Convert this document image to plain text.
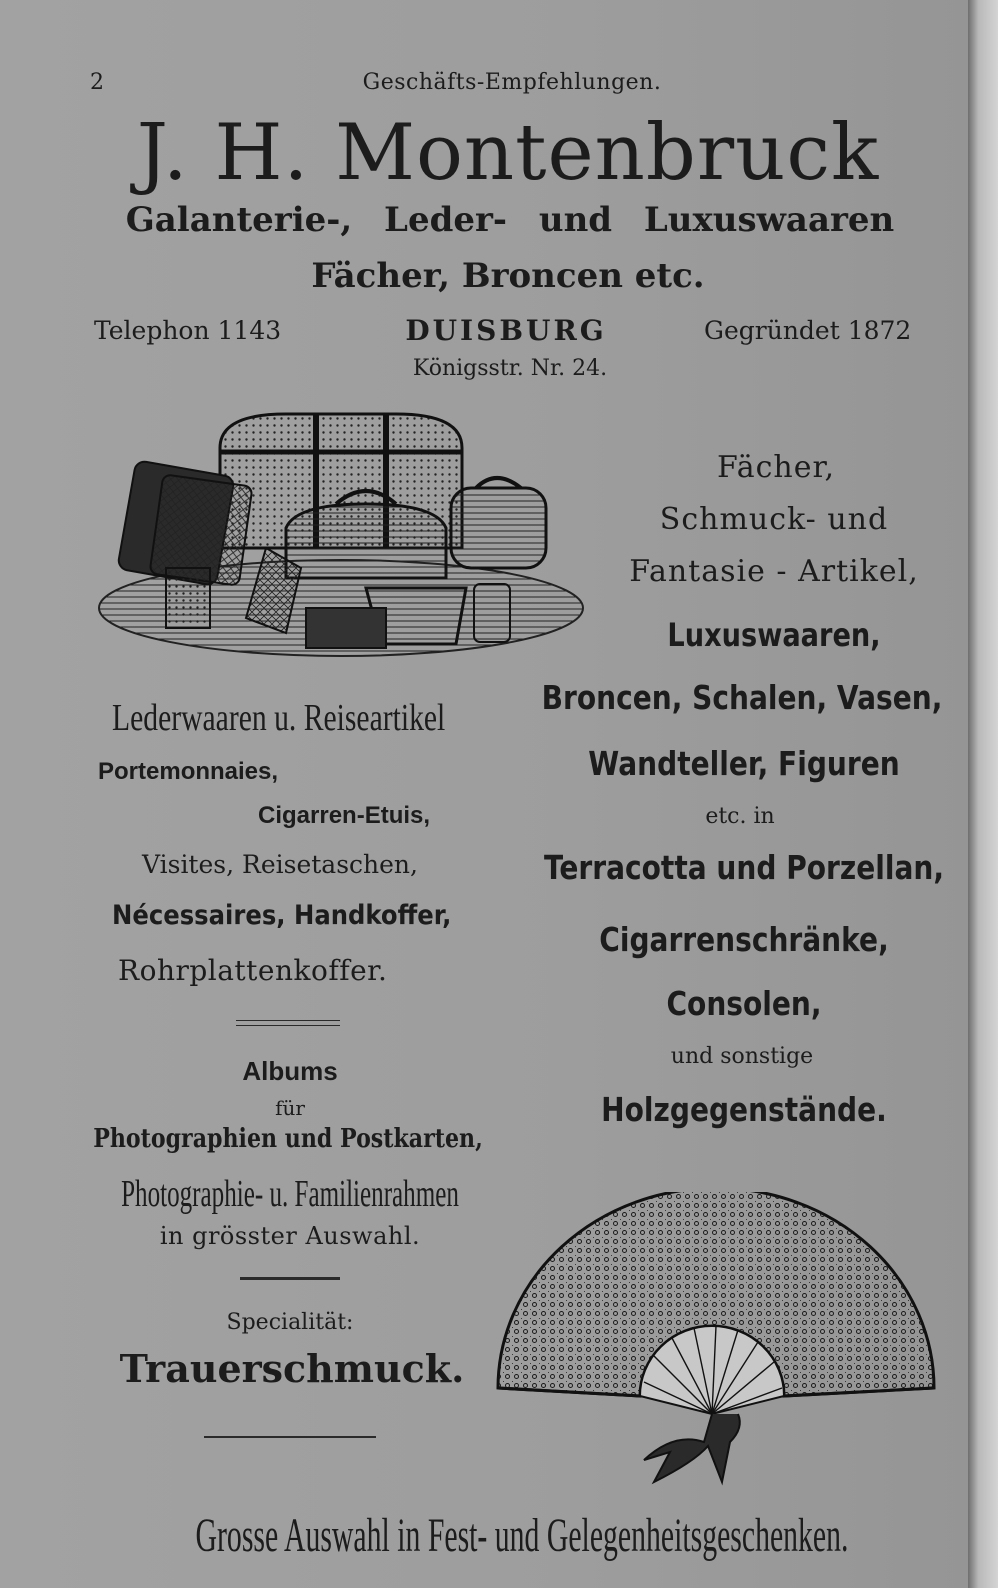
2	Geschäfts-Empfehlungen.
J. H. Montenbruck
Galanterie-, Leder- und Luxuswaaren
Fächer, Broncen etc.
Telephon 1143	DUISBURG	Gegründet 1872
Königsstr. Nr. 24.
Lederwaaren u. Reiseartikel
Portemonnaies,
Cigarren-Etuis,
Visites, Reisetaschen,
Nécessaires, Handkoffer,
Rohrplattenkoffer.
Albums
für
Photographien und Postkarten,
Photographie- u. Familienrahmen
in grösster Auswahl.
Specialität:
Trauerschmuck.
Fächer,
Schmuck- und
Fantasie - Artikel,
Luxuswaaren,
Broncen, Schalen, Vasen,
Wandteller, Figuren
etc. in
Terracotta und Porzellan,
Cigarrenschränke,
Consolen,
und sonstige
Holzgegenstände.
Grosse Auswahl in Fest- und Gelegenheitsgeschenken.
